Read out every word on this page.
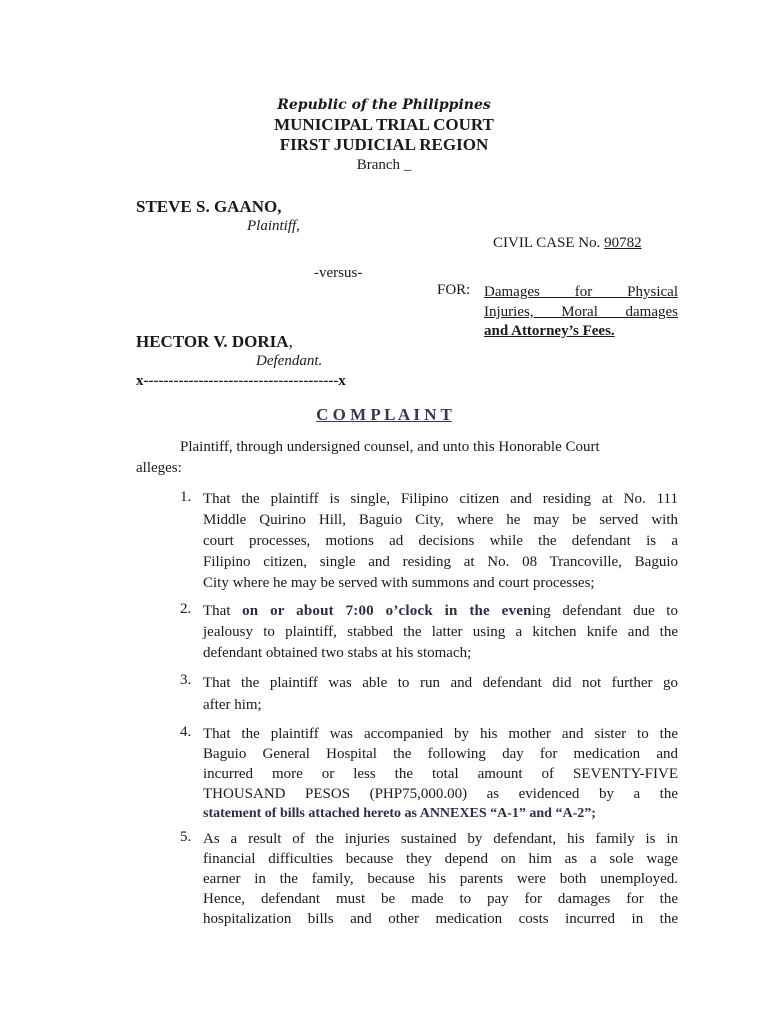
Republic of the Philippines
MUNICIPAL TRIAL COURT
FIRST JUDICIAL REGION
Branch _
STEVE S. GAANO,
Plaintiff,
CIVIL CASE No. 90782
-versus-
FOR: Damages for Physical
Injuries, Moral damages
and Attorney’s Fees.
HECTOR V. DORIA,
Defendant.
x---------------------------------------x
C O M P L A I N T
Plaintiff, through undersigned counsel, and unto this Honorable Court
alleges:
1. That the plaintiff is single, Filipino citizen and residing at No. 111
Middle Quirino Hill, Baguio City, where he may be served with
court processes, motions ad decisions while the defendant is a
Filipino citizen, single and residing at No. 08 Trancoville, Baguio
City where he may be served with summons and court processes;
2. That on or about 7:00 o’clock in the evening defendant due to
jealousy to plaintiff, stabbed the latter using a kitchen knife and the
defendant obtained two stabs at his stomach;
3. That the plaintiff was able to run and defendant did not further go
after him;
4. That the plaintiff was accompanied by his mother and sister to the
Baguio General Hospital the following day for medication and
incurred more or less the total amount of SEVENTY-FIVE
THOUSAND PESOS (PHP75,000.00) as evidenced by a the
statement of bills attached hereto as ANNEXES “A-1” and “A-2”;
5. As a result of the injuries sustained by defendant, his family is in
financial difficulties because they depend on him as a sole wage
earner in the family, because his parents were both unemployed.
Hence, defendant must be made to pay for damages for the
hospitalization bills and other medication costs incurred in the
